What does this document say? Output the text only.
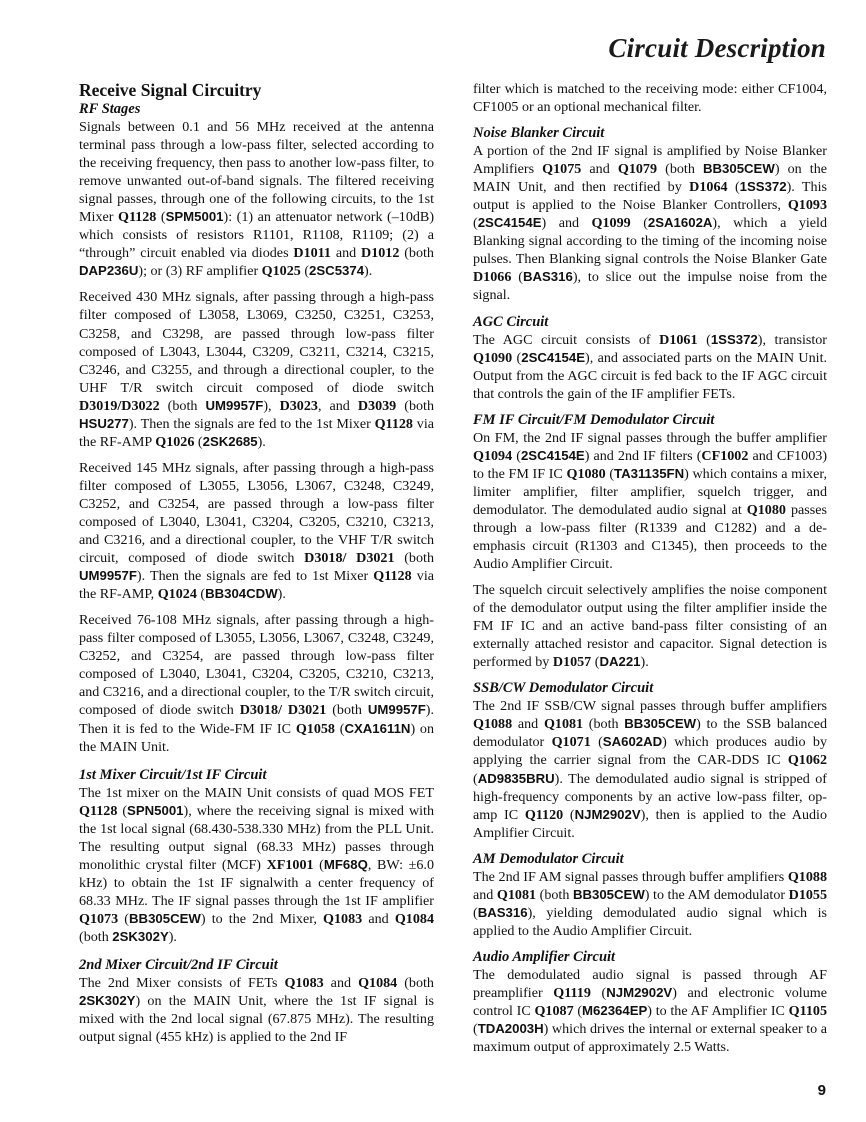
Circuit Description
Receive Signal Circuitry
RF Stages

Signals between 0.1 and 56 MHz received at the antenna terminal pass through a low-pass filter, selected according to the receiving frequency, then pass to another low-pass filter, to remove unwanted out-of-band signals. The filtered receiving signal passes, through one of the following circuits, to the 1st Mixer Q1128 (SPM5001): (1) an attenuator network (–10dB) which consists of resistors R1101, R1108, R1109; (2) a “through” circuit enabled via diodes D1011 and D1012 (both DAP236U); or (3) RF amplifier Q1025 (2SC5374).

Received 430 MHz signals, after passing through a high-pass filter composed of L3058, L3069, C3250, C3251, C3253, C3258, and C3298, are passed through low-pass filter composed of L3043, L3044, C3209, C3211, C3214, C3215, C3246, and C3255, and through a directional coupler, to the UHF T/R switch circuit composed of diode switch D3019/D3022 (both UM9957F), D3023, and D3039 (both HSU277). Then the signals are fed to the 1st Mixer Q1128 via the RF-AMP Q1026 (2SK2685).

Received 145 MHz signals, after passing through a high-pass filter composed of L3055, L3056, L3067, C3248, C3249, C3252, and C3254, are passed through a low-pass filter composed of L3040, L3041, C3204, C3205, C3210, C3213, and C3216, and a directional coupler, to the VHF T/R switch circuit, composed of diode switch D3018/ D3021 (both UM9957F). Then the signals are fed to 1st Mixer Q1128 via the RF-AMP, Q1024 (BB304CDW).

Received 76-108 MHz signals, after passing through a high-pass filter composed of L3055, L3056, L3067, C3248, C3249, C3252, and C3254, are passed through low-pass filter composed of L3040, L3041, C3204, C3205, C3210, C3213, and C3216, and a directional coupler, to the T/R switch circuit, composed of diode switch D3018/ D3021 (both UM9957F). Then it is fed to the Wide-FM IF IC Q1058 (CXA1611N) on the MAIN Unit.

1st Mixer Circuit/1st IF Circuit

The 1st mixer on the MAIN Unit consists of quad MOS FET Q1128 (SPN5001), where the receiving signal is mixed with the 1st local signal (68.430-538.330 MHz) from the PLL Unit. The resulting output signal (68.33 MHz) passes through monolithic crystal filter (MCF) XF1001 (MF68Q, BW: ±6.0 kHz) to obtain the 1st IF signalwith a center frequency of 68.33 MHz. The IF signal passes through the 1st IF amplifier Q1073 (BB305CEW) to the 2nd Mixer, Q1083 and Q1084 (both 2SK302Y).

2nd Mixer Circuit/2nd IF Circuit

The 2nd Mixer consists of FETs Q1083 and Q1084 (both 2SK302Y) on the MAIN Unit, where the 1st IF signal is mixed with the 2nd local signal (67.875 MHz). The resulting output signal (455 kHz) is applied to the 2nd IF

filter which is matched to the receiving mode: either CF1004, CF1005 or an optional mechanical filter.

Noise Blanker Circuit

A portion of the 2nd IF signal is amplified by Noise Blanker Amplifiers Q1075 and Q1079 (both BB305CEW) on the MAIN Unit, and then rectified by D1064 (1SS372). This output is applied to the Noise Blanker Controllers, Q1093 (2SC4154E) and Q1099 (2SA1602A), which a yield Blanking signal according to the timing of the incoming noise pulses. Then Blanking signal controls the Noise Blanker Gate D1066 (BAS316), to slice out the impulse noise from the signal.

AGC Circuit

The AGC circuit consists of D1061 (1SS372), transistor Q1090 (2SC4154E), and associated parts on the MAIN Unit. Output from the AGC circuit is fed back to the IF AGC circuit that controls the gain of the IF amplifier FETs.

FM IF Circuit/FM Demodulator Circuit

On FM, the 2nd IF signal passes through the buffer amplifier Q1094 (2SC4154E) and 2nd IF filters (CF1002 and CF1003) to the FM IF IC Q1080 (TA31135FN) which contains a mixer, limiter amplifier, filter amplifier, squelch trigger, and demodulator. The demodulated audio signal at Q1080 passes through a low-pass filter (R1339 and C1282) and a de-emphasis circuit (R1303 and C1345), then proceeds to the Audio Amplifier Circuit.

The squelch circuit selectively amplifies the noise component of the demodulator output using the filter amplifier inside the FM IF IC and an active band-pass filter consisting of an externally attached resistor and capacitor. Signal detection is performed by D1057 (DA221).

SSB/CW Demodulator Circuit

The 2nd IF SSB/CW signal passes through buffer amplifiers Q1088 and Q1081 (both BB305CEW) to the SSB balanced demodulator Q1071 (SA602AD) which produces audio by applying the carrier signal from the CAR-DDS IC Q1062 (AD9835BRU). The demodulated audio signal is stripped of high-frequency components by an active low-pass filter, op-amp IC Q1120 (NJM2902V), then is applied to the Audio Amplifier Circuit.

AM Demodulator Circuit

The 2nd IF AM signal passes through buffer amplifiers Q1088 and Q1081 (both BB305CEW) to the AM demodulator D1055 (BAS316), yielding demodulated audio signal which is applied to the Audio Amplifier Circuit.

Audio Amplifier Circuit

The demodulated audio signal is passed through AF preamplifier Q1119 (NJM2902V) and electronic volume control IC Q1087 (M62364EP) to the AF Amplifier IC Q1105 (TDA2003H) which drives the internal or external speaker to a maximum output of approximately 2.5 Watts.

9
